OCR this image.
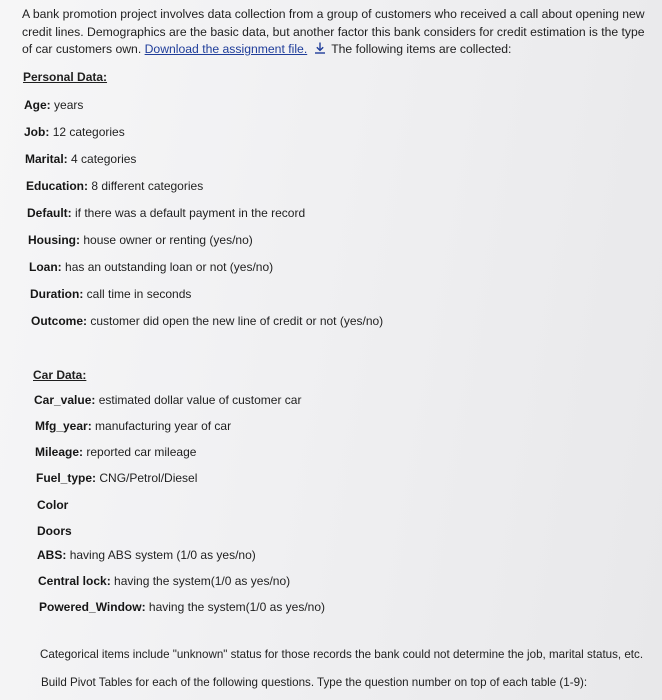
A bank promotion project involves data collection from a group of customers who received a call about opening new credit lines. Demographics are the basic data, but another factor this bank considers for credit estimation is the type of car customers own. Download the assignment file. The following items are collected:
Personal Data:
Age: years
Job: 12 categories
Marital: 4 categories
Education: 8 different categories
Default: if there was a default payment in the record
Housing: house owner or renting (yes/no)
Loan: has an outstanding loan or not (yes/no)
Duration: call time in seconds
Outcome: customer did open the new line of credit or not (yes/no)
Car Data:
Car_value: estimated dollar value of customer car
Mfg_year: manufacturing year of car
Mileage: reported car mileage
Fuel_type: CNG/Petrol/Diesel
Color
Doors
ABS: having ABS system (1/0 as yes/no)
Central lock: having the system(1/0 as yes/no)
Powered_Window: having the system(1/0 as yes/no)
Categorical items include "unknown" status for those records the bank could not determine the job, marital status, etc.
Build Pivot Tables for each of the following questions. Type the question number on top of each table (1-9):
